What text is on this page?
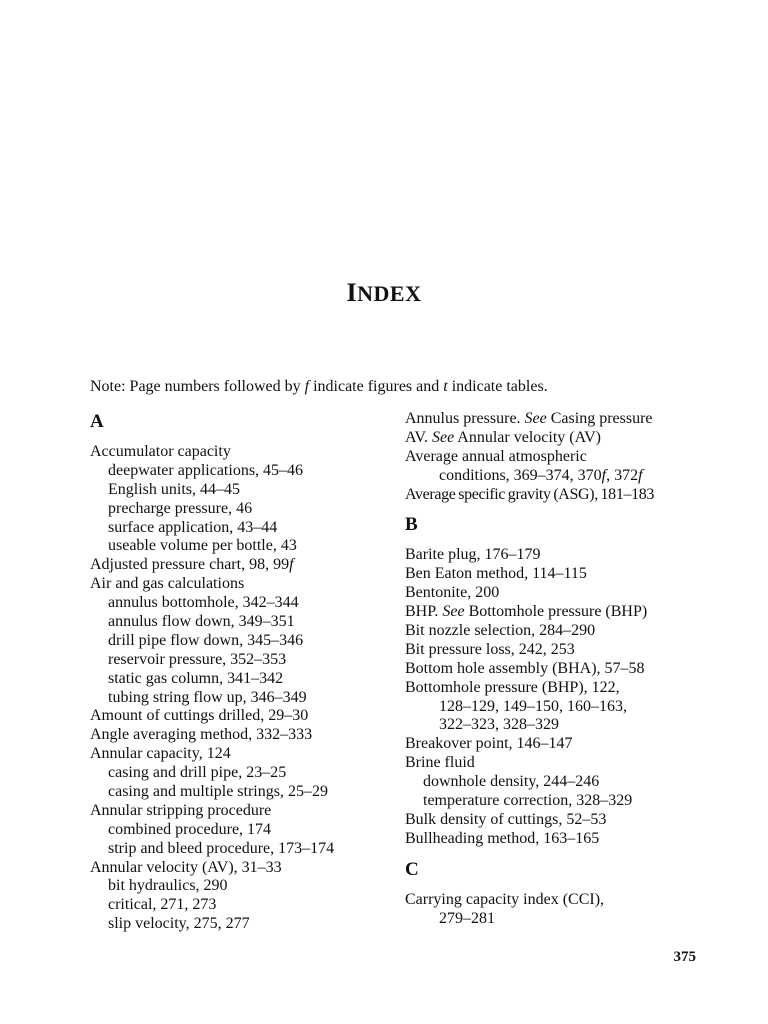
INDEX
Note: Page numbers followed by f indicate figures and t indicate tables.
A
Accumulator capacity
deepwater applications, 45–46
English units, 44–45
precharge pressure, 46
surface application, 43–44
useable volume per bottle, 43
Adjusted pressure chart, 98, 99f
Air and gas calculations
annulus bottomhole, 342–344
annulus flow down, 349–351
drill pipe flow down, 345–346
reservoir pressure, 352–353
static gas column, 341–342
tubing string flow up, 346–349
Amount of cuttings drilled, 29–30
Angle averaging method, 332–333
Annular capacity, 124
casing and drill pipe, 23–25
casing and multiple strings, 25–29
Annular stripping procedure
combined procedure, 174
strip and bleed procedure, 173–174
Annular velocity (AV), 31–33
bit hydraulics, 290
critical, 271, 273
slip velocity, 275, 277
Annulus pressure. See Casing pressure
AV. See Annular velocity (AV)
Average annual atmospheric
conditions, 369–374, 370f, 372f
Average specific gravity (ASG), 181–183
B
Barite plug, 176–179
Ben Eaton method, 114–115
Bentonite, 200
BHP. See Bottomhole pressure (BHP)
Bit nozzle selection, 284–290
Bit pressure loss, 242, 253
Bottom hole assembly (BHA), 57–58
Bottomhole pressure (BHP), 122,
128–129, 149–150, 160–163,
322–323, 328–329
Breakover point, 146–147
Brine fluid
downhole density, 244–246
temperature correction, 328–329
Bulk density of cuttings, 52–53
Bullheading method, 163–165
C
Carrying capacity index (CCI),
279–281
375
